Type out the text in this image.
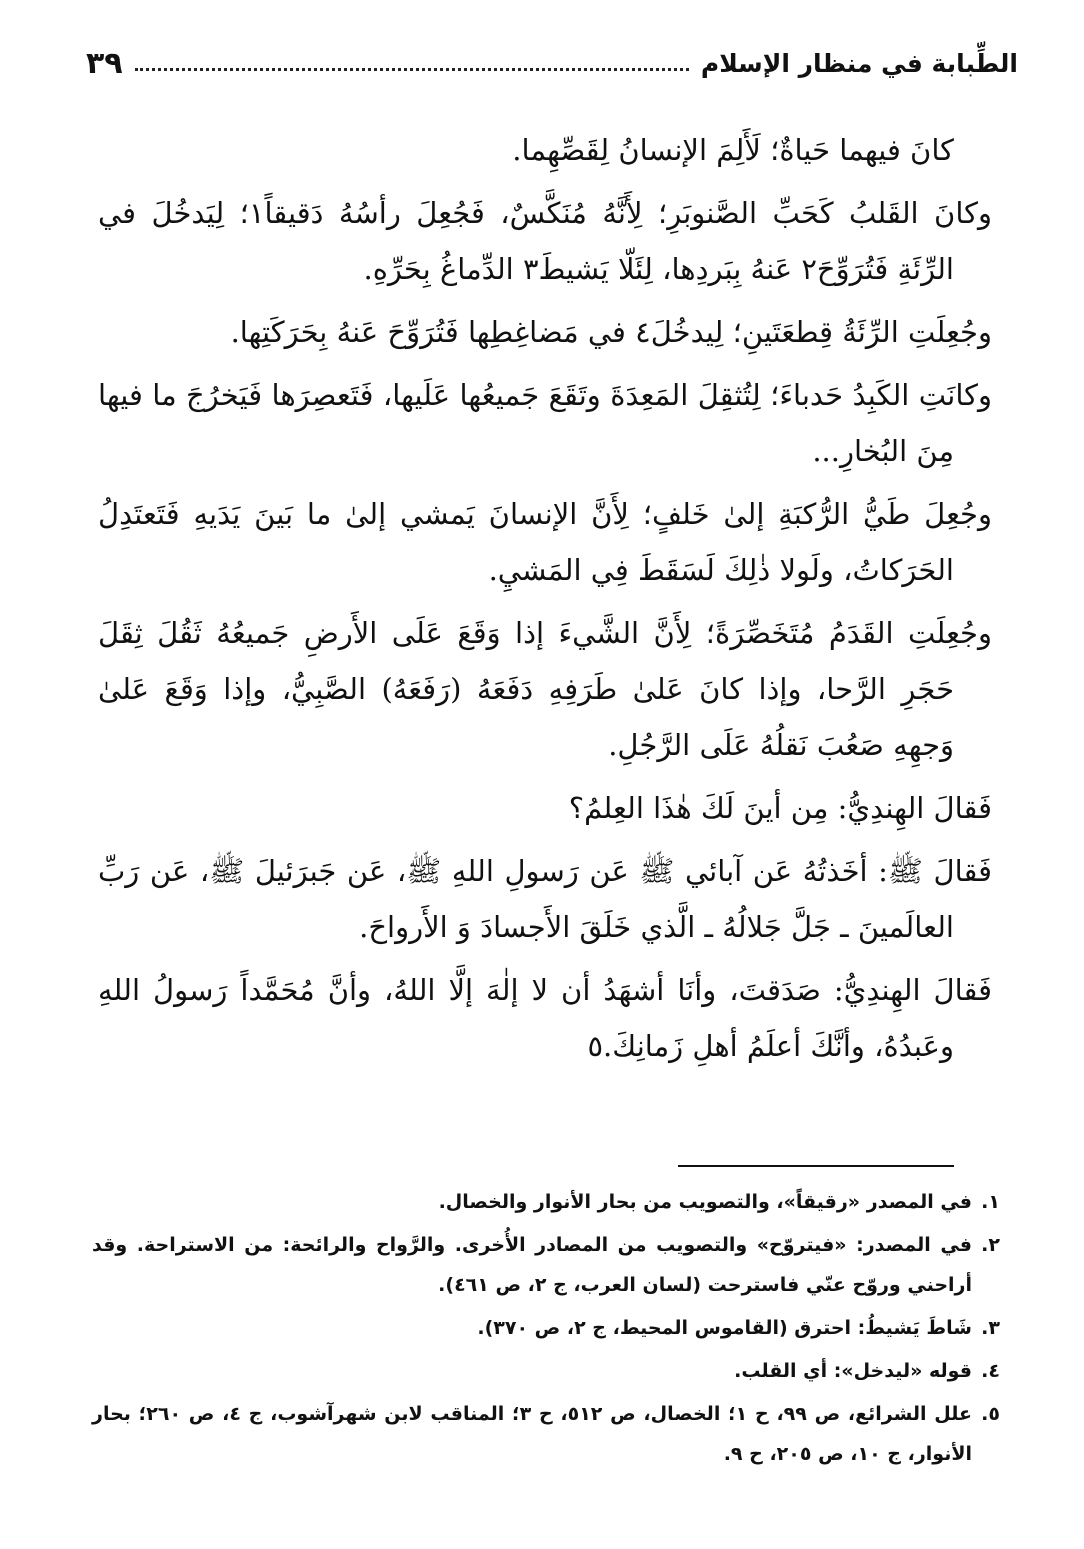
الطِّبابة في منظار الإسلام
٣٩

كانَ فيهما حَياةٌ؛ لَأَلِمَ الإنسانُ لِقَصِّهِما.

وكانَ القَلبُ كَحَبِّ الصَّنوبَرِ؛ لِأَنَّهُ مُنَكَّسٌ، فَجُعِلَ رأسُهُ دَقيقاً١؛ لِيَدخُلَ في الرِّئَةِ فَتُرَوِّحَ٢ عَنهُ بِبَردِها، لِئَلّا يَشيطَ٣ الدِّماغُ بِحَرِّهِ.

وجُعِلَتِ الرِّئَةُ قِطعَتَينِ؛ لِيدخُلَ٤ في مَضاغِطِها فَتُرَوِّحَ عَنهُ بِحَرَكَتِها.

وكانَتِ الكَبِدُ حَدباءَ؛ لِتُثقِلَ المَعِدَةَ وتَقَعَ جَميعُها عَلَيها، فَتَعصِرَها فَيَخرُجَ ما فيها مِنَ البُخارِ...

وجُعِلَ طَيُّ الرُّكبَةِ إلىٰ خَلفٍ؛ لِأَنَّ الإنسانَ يَمشي إلىٰ ما بَينَ يَدَيهِ فَتَعتَدِلُ الحَرَكاتُ، ولَولا ذٰلِكَ لَسَقَطَ فِي المَشيِ.

وجُعِلَتِ القَدَمُ مُتَخَصِّرَةً؛ لِأَنَّ الشَّيءَ إذا وَقَعَ عَلَى الأَرضِ جَميعُهُ ثَقُلَ ثِقَلَ حَجَرِ الرَّحا، وإذا كانَ عَلىٰ طَرَفِهِ دَفَعَهُ (رَفَعَهُ) الصَّبِيُّ، وإذا وَقَعَ عَلىٰ وَجهِهِ صَعُبَ نَقلُهُ عَلَى الرَّجُلِ.

فَقالَ الهِندِيُّ: مِن أينَ لَكَ هٰذَا العِلمُ؟

فَقالَ ﷺ: أخَذتُهُ عَن آبائي ﷺ عَن رَسولِ اللهِ ﷺ، عَن جَبرَئيلَ ﷺ، عَن رَبِّ العالَمينَ ـ جَلَّ جَلالُهُ ـ الَّذي خَلَقَ الأَجسادَ وَ الأَرواحَ.

فَقالَ الهِندِيُّ: صَدَقتَ، وأنَا أشهَدُ أن لا إلٰهَ إلَّا اللهُ، وأنَّ مُحَمَّداً رَسولُ اللهِ وعَبدُهُ، وأنَّكَ أعلَمُ أهلِ زَمانِكَ.٥

١.
في المصدر «رقيقاً»، والتصويب من بحار الأنوار والخصال.
٢.
في المصدر: «فيتروّح» والتصويب من المصادر الأُخرى. والرَّواح والرائحة: من الاستراحة. وقد أراحني وروّح عنّي فاسترحت (لسان العرب، ج ٢، ص ٤٦١).
٣.
شَاطَ يَشيطُ: احترق (القاموس المحيط، ج ٢، ص ٣٧٠).
٤.
قوله «ليدخل»: أي القلب.
٥.
علل الشرائع، ص ٩٩، ح ١؛ الخصال، ص ٥١٢، ح ٣؛ المناقب لابن شهرآشوب، ج ٤، ص ٢٦٠؛ بحار الأنوار، ج ١٠، ص ٢٠٥، ح ٩.
